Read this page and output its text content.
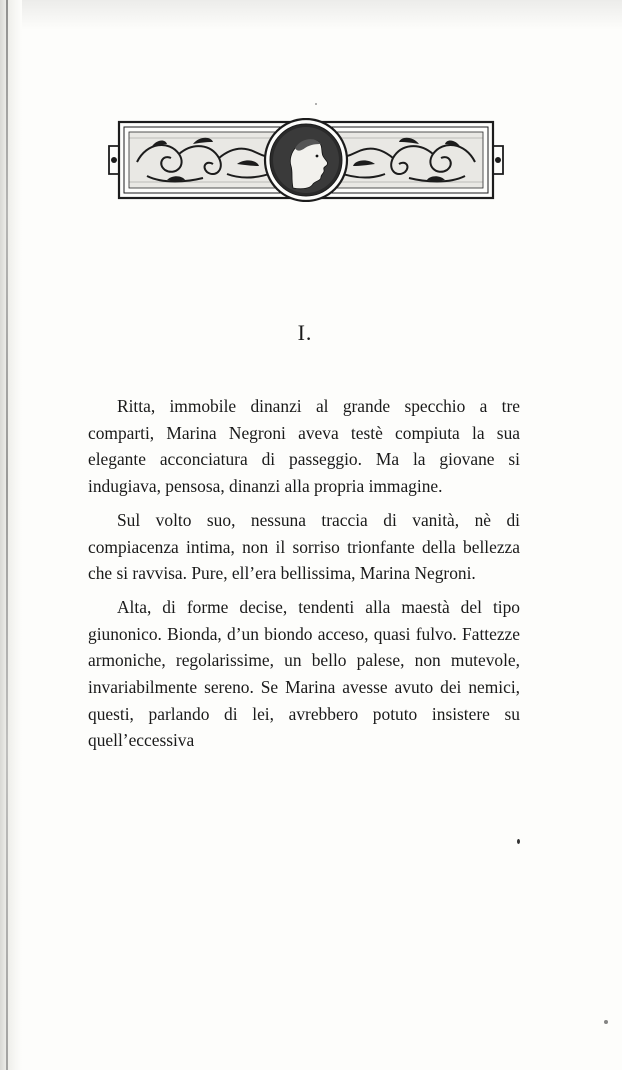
I.

Ritta, immobile dinanzi al grande specchio a tre comparti, Marina Negroni aveva testè compiuta la sua elegante acconciatura di passeggio. Ma la giovane si indugiava, pensosa, dinanzi alla propria immagine.

Sul volto suo, nessuna traccia di vanità, nè di compiacenza intima, non il sorriso trionfante della bellezza che si ravvisa. Pure, ell’era bellissima, Marina Negroni.

Alta, di forme decise, tendenti alla maestà del tipo giunonico. Bionda, d’un biondo acceso, quasi fulvo. Fattezze armoniche, regolarissime, un bello palese, non mutevole, invariabilmente sereno. Se Marina avesse avuto dei nemici, questi, parlando di lei, avrebbero potuto insistere su quell’eccessiva
